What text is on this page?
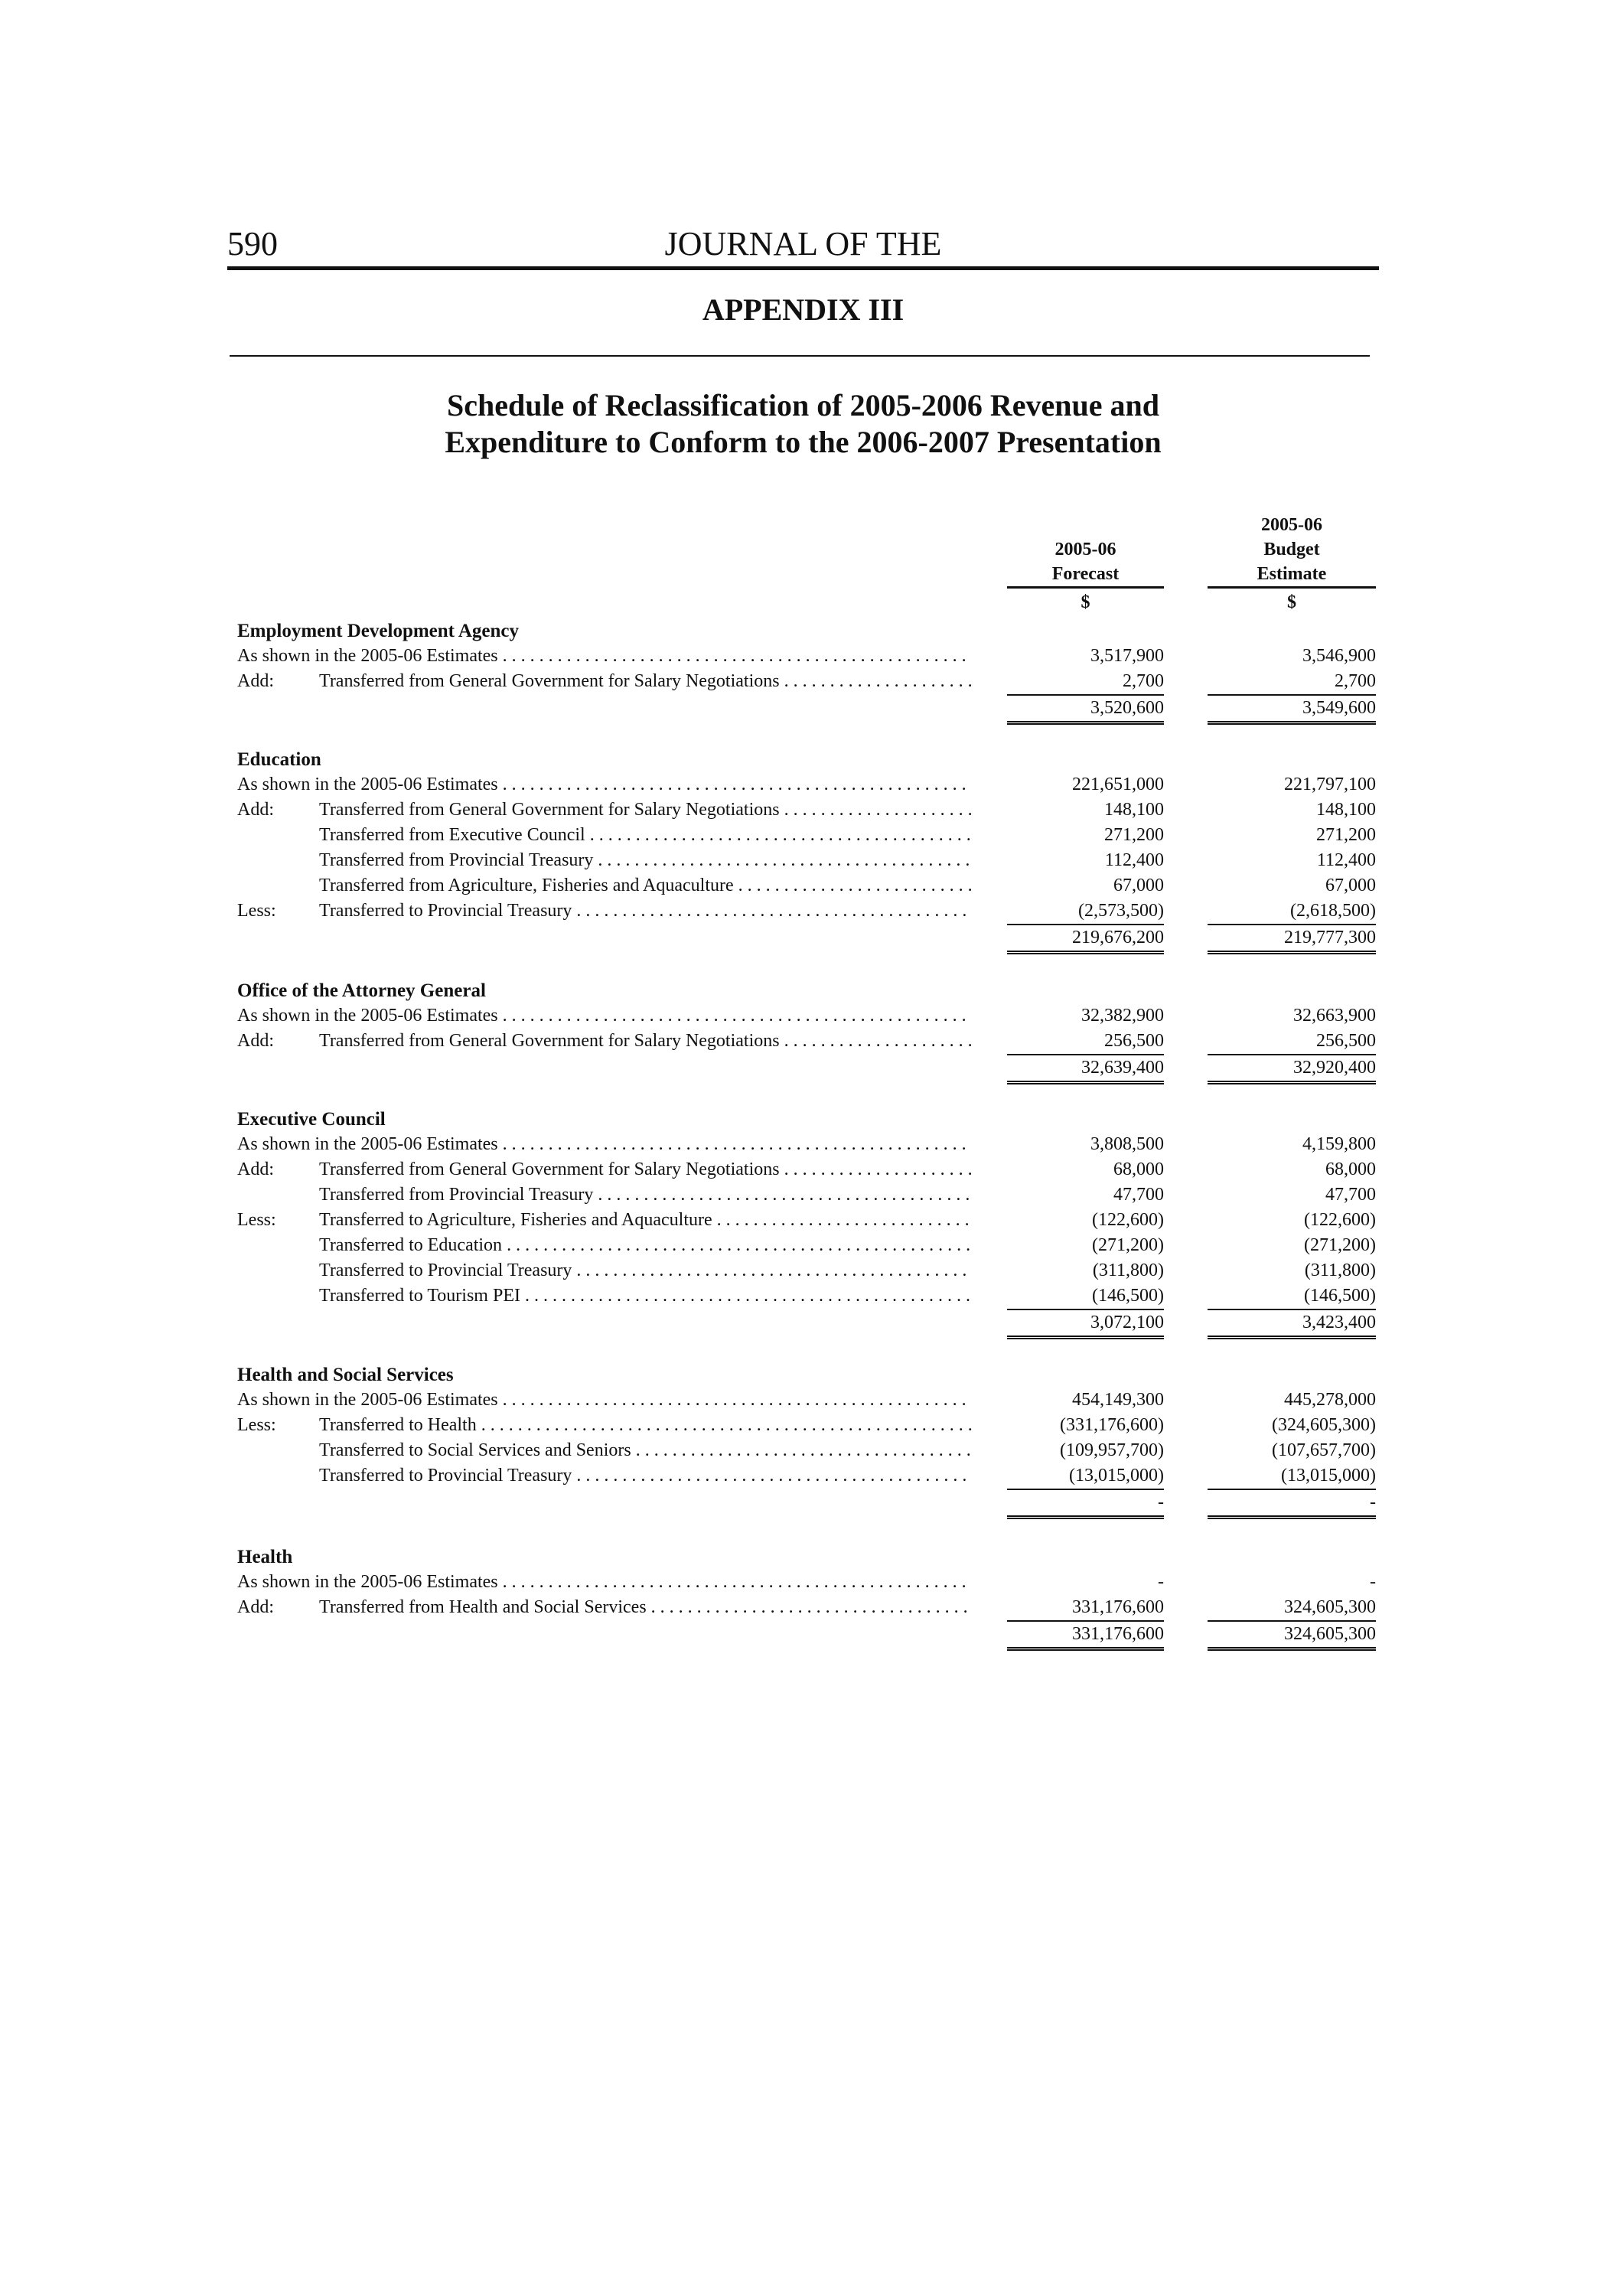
590	JOURNAL OF THE
APPENDIX III
Schedule of Reclassification of 2005-2006 Revenue and
Expenditure to Conform to the 2006-2007 Presentation
2005-06
Forecast
$
2005-06
Budget
Estimate
$
Employment Development Agency
As shown in the 2005-06 Estimates . . .	3,517,900	3,546,900
Add: Transferred from General Government for Salary Negotiations . . .	2,700	2,700
3,520,600	3,549,600
Education
As shown in the 2005-06 Estimates . . .	221,651,000	221,797,100
Add: Transferred from General Government for Salary Negotiations . . .	148,100	148,100
Transferred from Executive Council . . .	271,200	271,200
Transferred from Provincial Treasury . . .	112,400	112,400
Transferred from Agriculture, Fisheries and Aquaculture . . .	67,000	67,000
Less: Transferred to Provincial Treasury . . .	(2,573,500)	(2,618,500)
219,676,200	219,777,300
Office of the Attorney General
As shown in the 2005-06 Estimates . . .	32,382,900	32,663,900
Add: Transferred from General Government for Salary Negotiations . . .	256,500	256,500
32,639,400	32,920,400
Executive Council
As shown in the 2005-06 Estimates . . .	3,808,500	4,159,800
Add: Transferred from General Government for Salary Negotiations . . .	68,000	68,000
Transferred from Provincial Treasury . . .	47,700	47,700
Less: Transferred to Agriculture, Fisheries and Aquaculture . . .	(122,600)	(122,600)
Transferred to Education . . .	(271,200)	(271,200)
Transferred to Provincial Treasury . . .	(311,800)	(311,800)
Transferred to Tourism PEI . . .	(146,500)	(146,500)
3,072,100	3,423,400
Health and Social Services
As shown in the 2005-06 Estimates . . .	454,149,300	445,278,000
Less: Transferred to Health . . .	(331,176,600)	(324,605,300)
Transferred to Social Services and Seniors . . .	(109,957,700)	(107,657,700)
Transferred to Provincial Treasury . . .	(13,015,000)	(13,015,000)
-	-
Health
As shown in the 2005-06 Estimates . . .	-	-
Add: Transferred from Health and Social Services . . .	331,176,600	324,605,300
331,176,600	324,605,300
